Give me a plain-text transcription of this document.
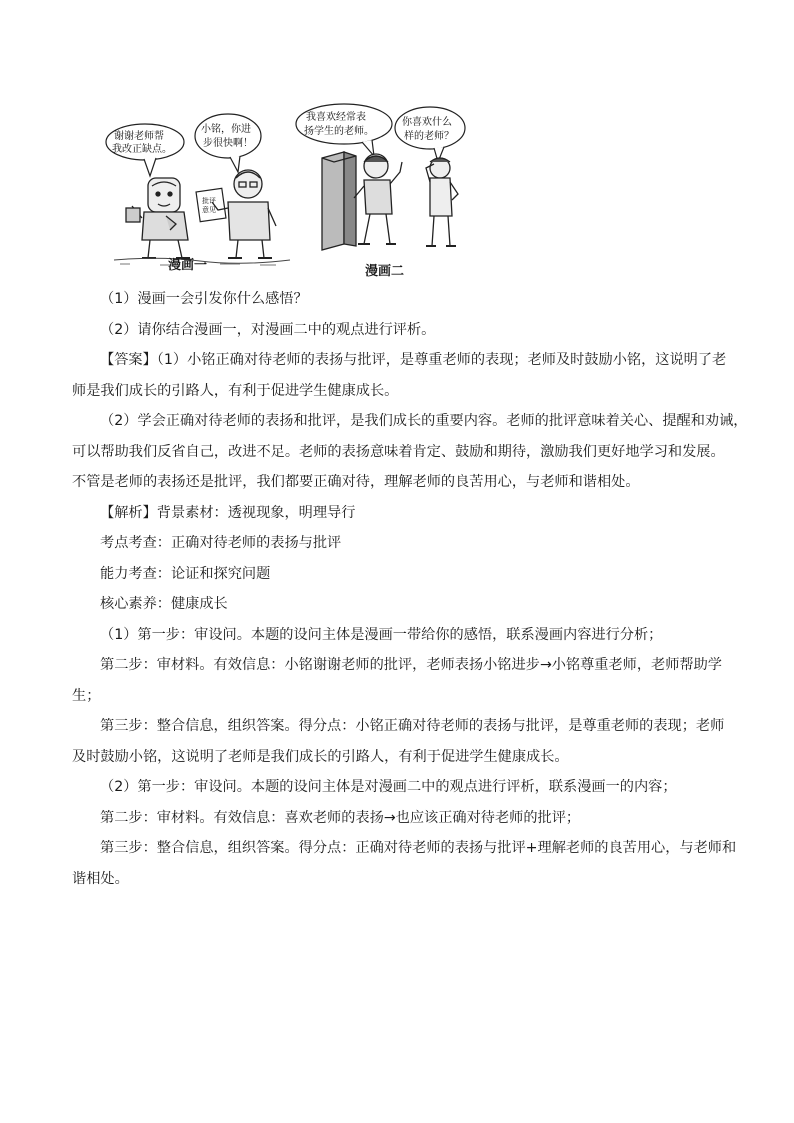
谢谢老师帮
我改正缺点。
小铭，你进
步很快啊！
批评
意见
我喜欢经常表
扬学生的老师。
你喜欢什么
样的老师？
漫画一	漫画二
（1）漫画一会引发你什么感悟？
（2）请你结合漫画一，对漫画二中的观点进行评析。
【答案】（1）小铭正确对待老师的表扬与批评，是尊重老师的表现；老师及时鼓励小铭，这说明了老
师是我们成长的引路人，有利于促进学生健康成长。
（2）学会正确对待老师的表扬和批评，是我们成长的重要内容。老师的批评意味着关心、提醒和劝诫，
可以帮助我们反省自己，改进不足。老师的表扬意味着肯定、鼓励和期待，激励我们更好地学习和发展。
不管是老师的表扬还是批评，我们都要正确对待，理解老师的良苦用心，与老师和谐相处。
【解析】背景素材：透视现象，明理导行
考点考查：正确对待老师的表扬与批评
能力考查：论证和探究问题
核心素养：健康成长
（1）第一步：审设问。本题的设问主体是漫画一带给你的感悟，联系漫画内容进行分析；
第二步：审材料。有效信息：小铭谢谢老师的批评，老师表扬小铭进步→小铭尊重老师，老师帮助学
生；
第三步：整合信息，组织答案。得分点：小铭正确对待老师的表扬与批评，是尊重老师的表现；老师
及时鼓励小铭，这说明了老师是我们成长的引路人，有利于促进学生健康成长。
（2）第一步：审设问。本题的设问主体是对漫画二中的观点进行评析，联系漫画一的内容；
第二步：审材料。有效信息：喜欢老师的表扬→也应该正确对待老师的批评；
第三步：整合信息，组织答案。得分点：正确对待老师的表扬与批评+理解老师的良苦用心，与老师和
谐相处。
